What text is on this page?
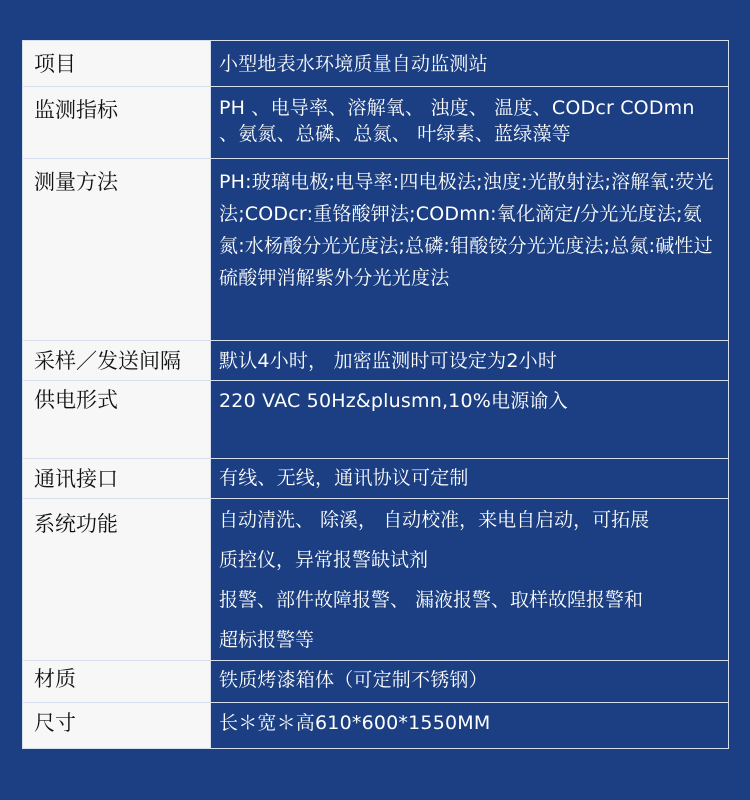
项目	小型地表水环境质量自动监测站

监测指标	PH 、电导率、溶解氧、 浊度、 温度、CODcr CODmn 、氨氮、总磷、总氮、 叶绿素、蓝绿藻等

测量方法	PH:玻璃电极;电导率:四电极法;浊度:光散射法;溶解氧:荧光法;CODcr:重铬酸钾法;CODmn:氧化滴定/分光光度法;氨氮:水杨酸分光光度法;总磷:钼酸铵分光光度法;总氮:碱性过硫酸钾消解紫外分光光度法

采样／发送间隔	默认4小时， 加密监测时可设定为2小时

供电形式	220 VAC 50Hz&plusmn,10%电源谕入

通讯接口	有线、无线，通讯协议可定制

系统功能	自动清洗、 除溪， 自动校准，来电自启动，可拓展
质控仪，异常报警缺试剂
报警、部件故障报警、 漏液报警、取样故隍报警和
超标报警等

材质	铁质烤漆箱体（可定制不锈钢）

尺寸	长＊宽＊高610*600*1550MM
